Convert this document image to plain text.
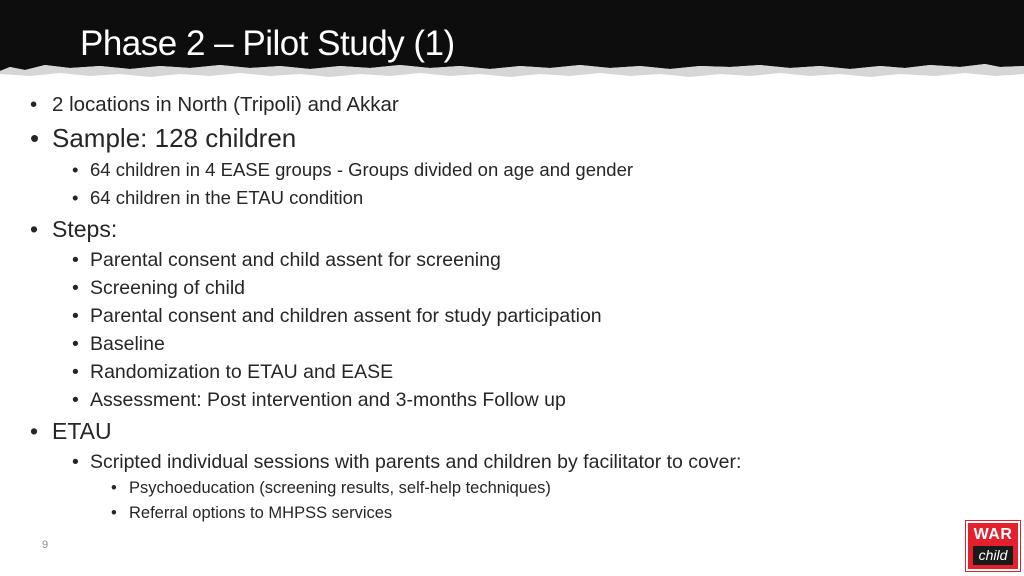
Phase 2 – Pilot Study (1)
• 2 locations in North (Tripoli) and Akkar
• Sample: 128 children
• 64 children in 4 EASE groups - Groups divided on age and gender
• 64 children in the ETAU condition
• Steps:
• Parental consent and child assent for screening
• Screening of child
• Parental consent and children assent for study participation
• Baseline
• Randomization to ETAU and EASE
• Assessment: Post intervention and 3-months Follow up
• ETAU
• Scripted individual sessions with parents and children by facilitator to cover:
• Psychoeducation (screening results, self-help techniques)
• Referral options to MHPSS services
9
WAR
child
